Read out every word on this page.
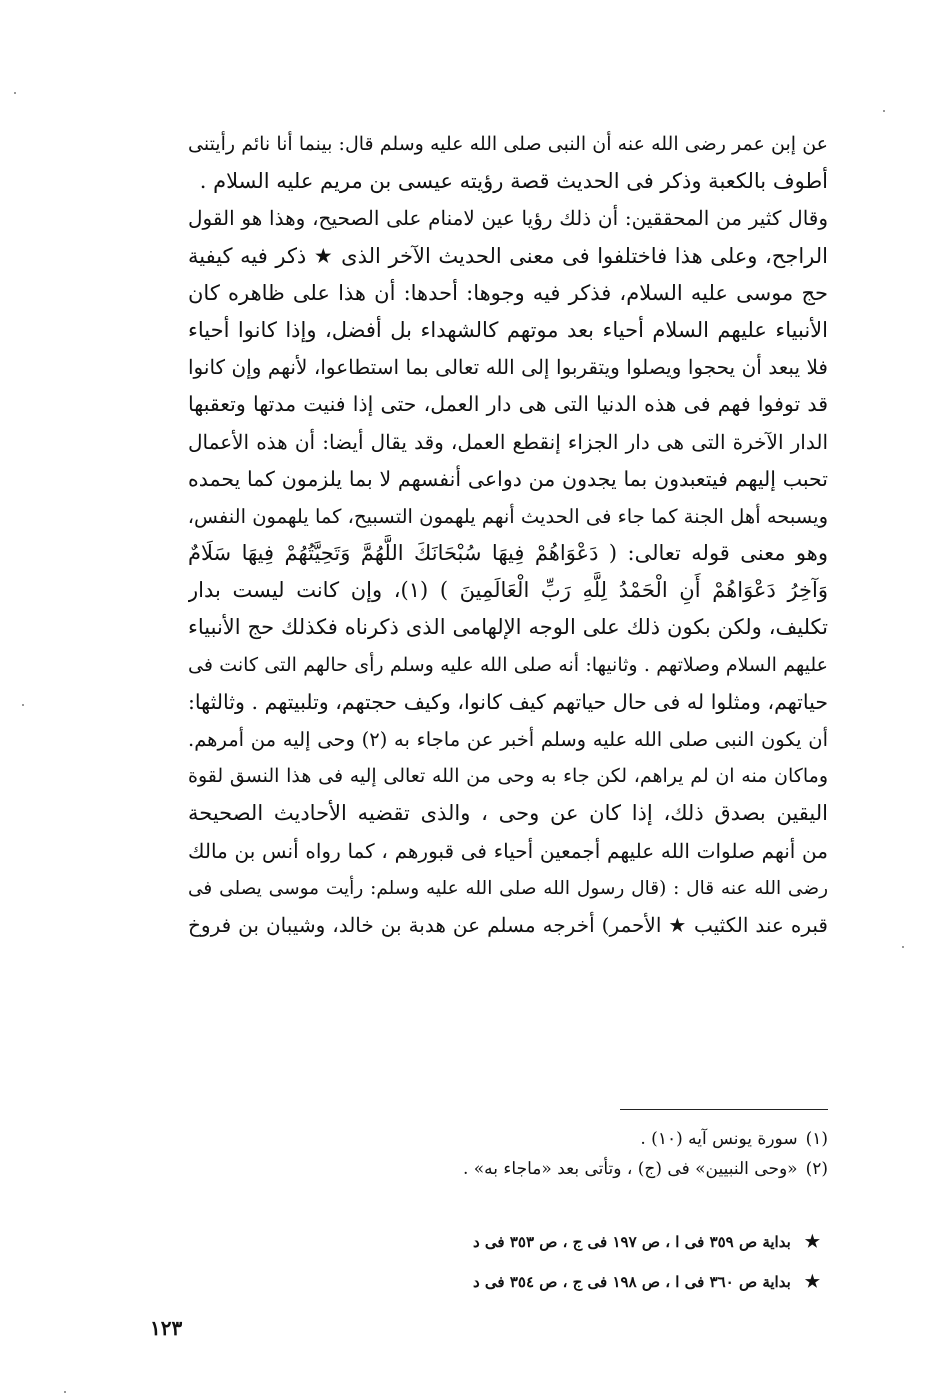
عن إبن عمر رضى الله عنه أن النبى صلى الله عليه وسلم قال: بينما أنا نائم رأيتنى
أطوف بالكعبة وذكر فى الحديث قصة رؤيته عيسى بن مريم عليه السلام .
وقال كثير من المحققين: أن ذلك رؤيا عين لامنام على الصحيح، وهذا هو القول
الراجح، وعلى هذا فاختلفوا فى معنى الحديث الآخر الذى ★ ذكر فيه كيفية
حج موسى عليه السلام، فذكر فيه وجوها: أحدها: أن هذا على ظاهره كان
الأنبياء عليهم السلام أحياء بعد موتهم كالشهداء بل أفضل، وإذا كانوا أحياء
فلا يبعد أن يحجوا ويصلوا ويتقربوا إلى الله تعالى بما استطاعوا، لأنهم وإن كانوا
قد توفوا فهم فى هذه الدنيا التى هى دار العمل، حتى إذا فنيت مدتها وتعقبها
الدار الآخرة التى هى دار الجزاء إنقطع العمل، وقد يقال أيضا: أن هذه الأعمال
تحبب إليهم فيتعبدون بما يجدون من دواعى أنفسهم لا بما يلزمون كما يحمده
ويسبحه أهل الجنة كما جاء فى الحديث أنهم يلهمون التسبيح، كما يلهمون النفس،
وهو معنى قوله تعالى: ( دَعْوَاهُمْ فِيهَا سُبْحَانَكَ اللَّهُمَّ وَتَحِيَّتُهُمْ فِيهَا سَلَامٌ
وَآخِرُ دَعْوَاهُمْ أَنِ الْحَمْدُ لِلَّهِ رَبِّ الْعَالَمِينَ ) (١)، وإن كانت ليست بدار
تكليف، ولكن بكون ذلك على الوجه الإلهامى الذى ذكرناه فكذلك حج الأنبياء
عليهم السلام وصلاتهم . وثانيها: أنه صلى الله عليه وسلم رأى حالهم التى كانت فى
حياتهم، ومثلوا له فى حال حياتهم كيف كانوا، وكيف حجتهم، وتلبيتهم . وثالثها:
أن يكون النبى صلى الله عليه وسلم أخبر عن ماجاء به (٢) وحى إليه من أمرهم.
وماكان منه ان لم يراهم، لكن جاء به وحى من الله تعالى إليه فى هذا النسق لقوة
اليقين بصدق ذلك، إذا كان عن وحى ، والذى تقضيه الأحاديث الصحيحة
من أنهم صلوات الله عليهم أجمعين أحياء فى قبورهم ، كما رواه أنس بن مالك
رضى الله عنه قال : (قال رسول الله صلى الله عليه وسلم: رأيت موسى يصلى فى
قبره عند الكثيب ★ الأحمر) أخرجه مسلم عن هدبة بن خالد، وشيبان بن فروخ
(١)سورة يونس آيه (١٠) .
(٢)«وحى النبيين» فى (ج) ، وتأتى بعد «ماجاء به» .
★بداية ص ٣٥٩ فى ا ، ص ١٩٧ فى ج ، ص ٣٥٣ فى د
★بداية ص ٣٦٠ فى ا ، ص ١٩٨ فى ج ، ص ٣٥٤ فى د
١٢٣
